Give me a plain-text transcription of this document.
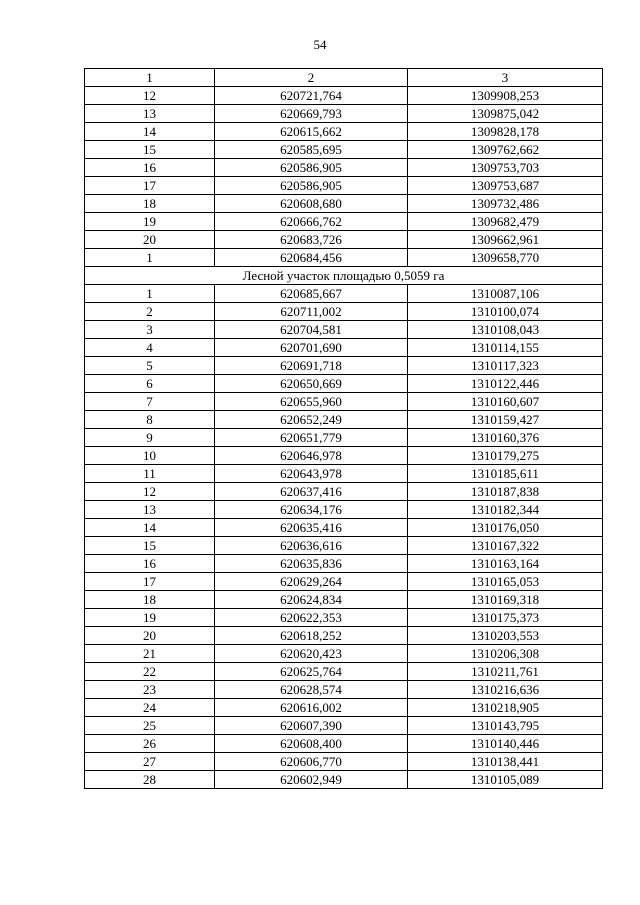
54
1	2	3
12	620721,764	1309908,253
13	620669,793	1309875,042
14	620615,662	1309828,178
15	620585,695	1309762,662
16	620586,905	1309753,703
17	620586,905	1309753,687
18	620608,680	1309732,486
19	620666,762	1309682,479
20	620683,726	1309662,961
1	620684,456	1309658,770
Лесной участок площадью 0,5059 га		
1	620685,667	1310087,106
2	620711,002	1310100,074
3	620704,581	1310108,043
4	620701,690	1310114,155
5	620691,718	1310117,323
6	620650,669	1310122,446
7	620655,960	1310160,607
8	620652,249	1310159,427
9	620651,779	1310160,376
10	620646,978	1310179,275
11	620643,978	1310185,611
12	620637,416	1310187,838
13	620634,176	1310182,344
14	620635,416	1310176,050
15	620636,616	1310167,322
16	620635,836	1310163,164
17	620629,264	1310165,053
18	620624,834	1310169,318
19	620622,353	1310175,373
20	620618,252	1310203,553
21	620620,423	1310206,308
22	620625,764	1310211,761
23	620628,574	1310216,636
24	620616,002	1310218,905
25	620607,390	1310143,795
26	620608,400	1310140,446
27	620606,770	1310138,441
28	620602,949	1310105,089
